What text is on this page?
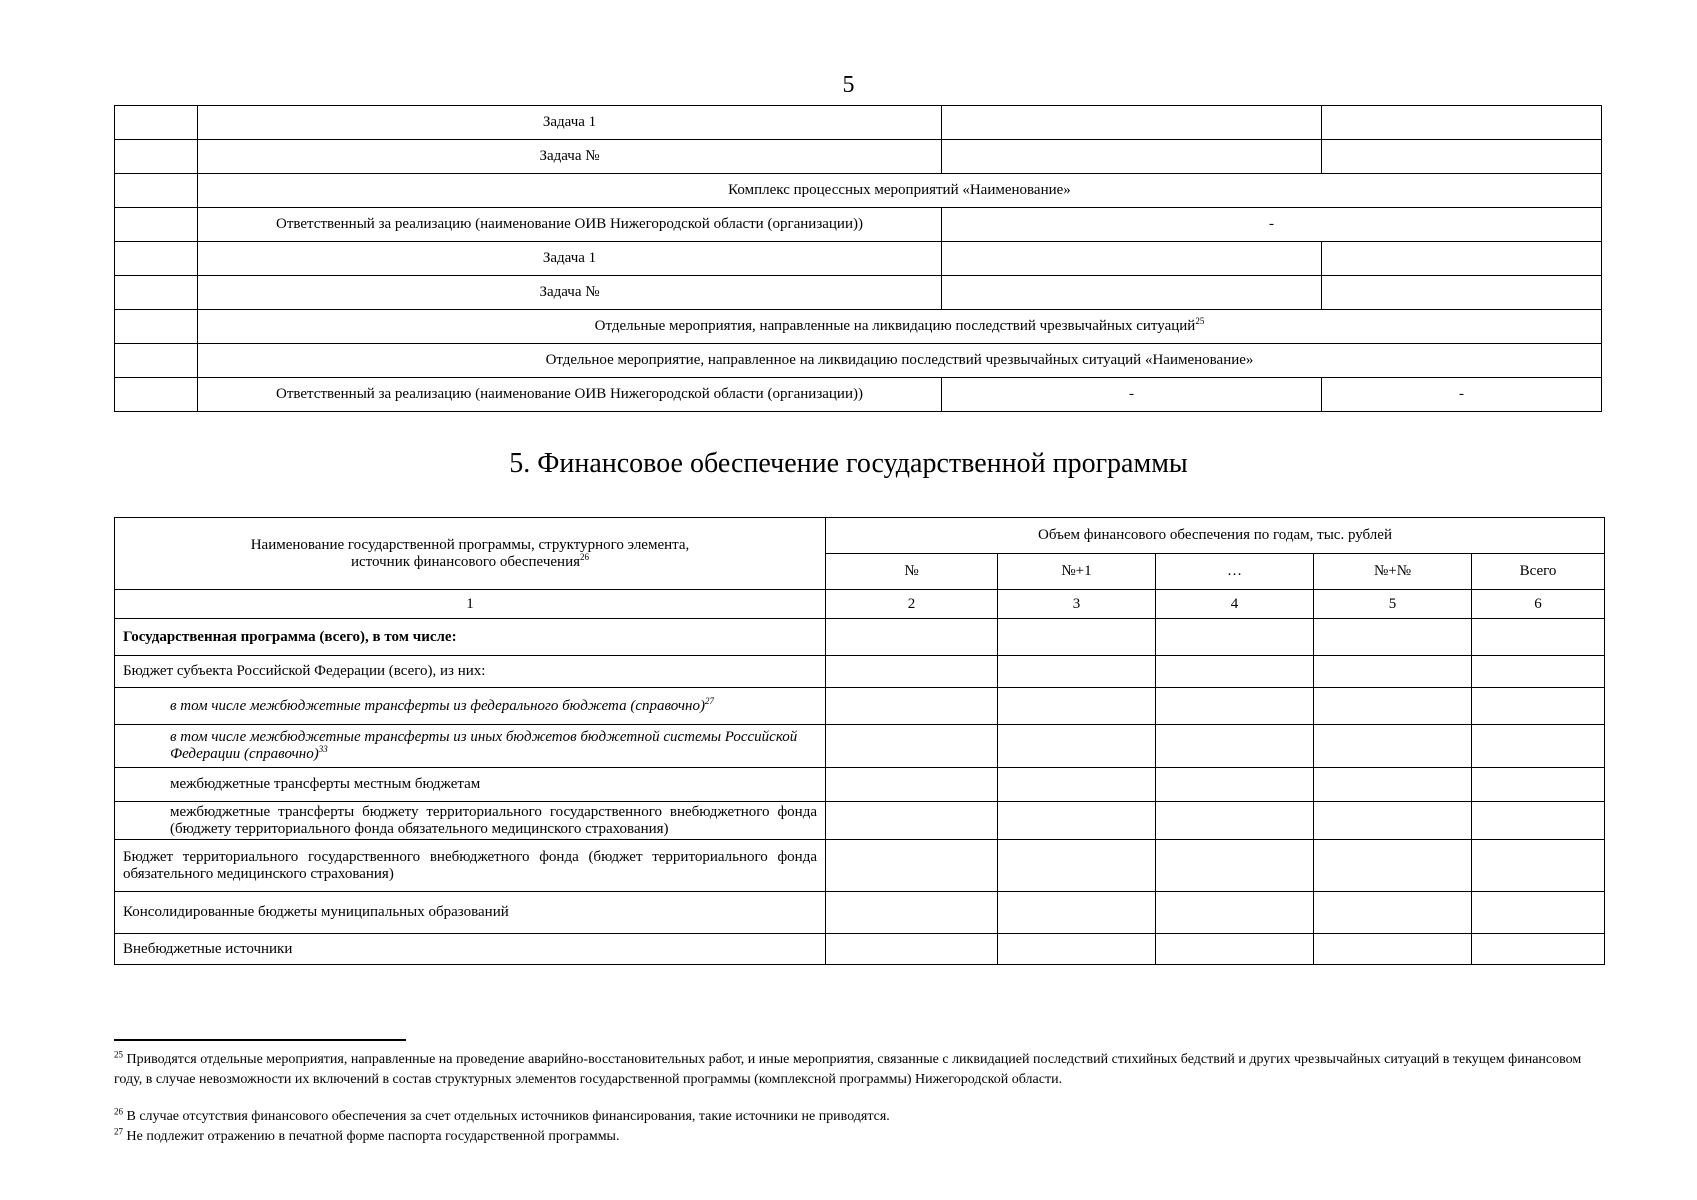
5
	Задача 1		
	Задача №		
	Комплекс процессных мероприятий «Наименование»		
	Ответственный за реализацию (наименование ОИВ Нижегородской области (организации))	-	
	Задача 1		
	Задача №		
	Отдельные мероприятия, направленные на ликвидацию последствий чрезвычайных ситуаций$^{25}$
	Отдельное мероприятие, направленное на ликвидацию последствий чрезвычайных ситуаций «Наименование»		
	Ответственный за реализацию (наименование ОИВ Нижегородской области (организации))	-	-
5. Финансовое обеспечение государственной программы
Наименование государственной программы, структурного элемента,
источник финансового обеспечения$^{26}$	Объем финансового обеспечения по годам, тыс. рублей				
	№	№+1	…	№+№	Всего
1	2	3	4	5	6
Государственная программа (всего), в том числе:					
Бюджет субъекта Российской Федерации (всего), из них:					
в том числе межбюджетные трансферты из федерального бюджета (справочно)$^{27}$					
в том числе межбюджетные трансферты из иных бюджетов бюджетной системы Российской Федерации (справочно)$^{33}$					
межбюджетные трансферты местным бюджетам					
межбюджетные трансферты бюджету территориального государственного внебюджетного фонда (бюджету территориального фонда обязательного медицинского страхования)					
Бюджет территориального государственного внебюджетного фонда (бюджет территориального фонда обязательного медицинского страхования)					
Консолидированные бюджеты муниципальных образований					
Внебюджетные источники					
$^{25}$ Приводятся отдельные мероприятия, направленные на проведение аварийно-восстановительных работ, и иные мероприятия, связанные с ликвидацией последствий стихийных бедствий и других чрезвычайных ситуаций в текущем финансовом году, в случае невозможности их включений в состав структурных элементов государственной программы (комплексной программы) Нижегородской области.
$^{26}$ В случае отсутствия финансового обеспечения за счет отдельных источников финансирования, такие источники не приводятся.
$^{27}$ Не подлежит отражению в печатной форме паспорта государственной программы.
